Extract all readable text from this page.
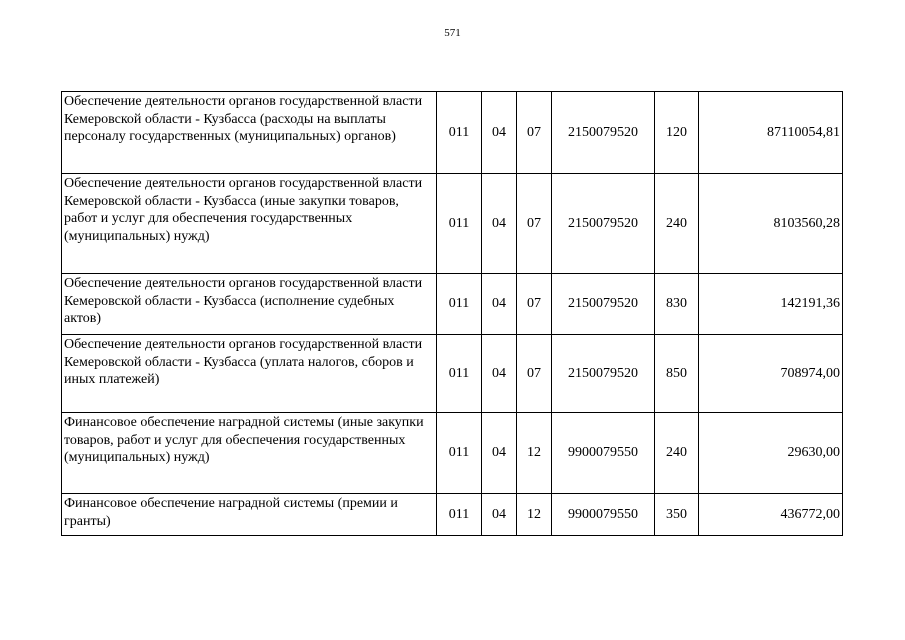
571
Обеспечение деятельности органов государственной власти Кемеровской области - Кузбасса (расходы на выплаты персоналу государственных (муниципальных) органов)	011	04	07	2150079520	120	87110054,81
Обеспечение деятельности органов государственной власти Кемеровской области - Кузбасса (иные закупки товаров, работ и услуг для обеспечения государственных (муниципальных) нужд)	011	04	07	2150079520	240	8103560,28
Обеспечение деятельности органов государственной власти Кемеровской области - Кузбасса (исполнение судебных актов)	011	04	07	2150079520	830	142191,36
Обеспечение деятельности органов государственной власти Кемеровской области - Кузбасса (уплата налогов, сборов и иных платежей)	011	04	07	2150079520	850	708974,00
Финансовое обеспечение наградной системы (иные закупки товаров, работ и услуг для обеспечения государственных (муниципальных) нужд)	011	04	12	9900079550	240	29630,00
Финансовое обеспечение наградной системы (премии и гранты)	011	04	12	9900079550	350	436772,00
